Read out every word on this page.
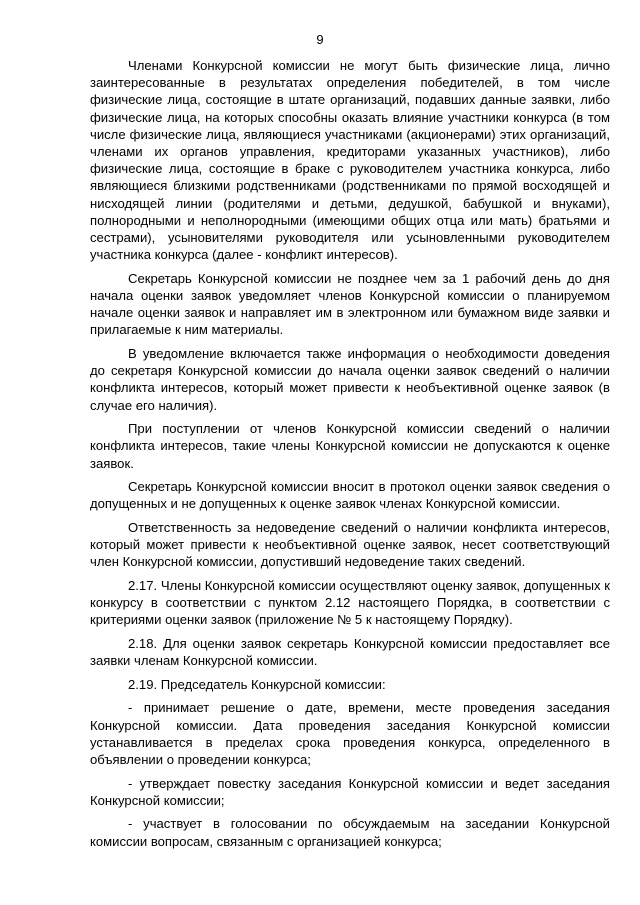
9

Членами Конкурсной комиссии не могут быть физические лица, лично заинтересованные в результатах определения победителей, в том числе физические лица, состоящие в штате организаций, подавших данные заявки, либо физические лица, на которых способны оказать влияние участники конкурса (в том числе физические лица, являющиеся участниками (акционерами) этих организаций, членами их органов управления, кредиторами указанных участников), либо физические лица, состоящие в браке с руководителем участника конкурса, либо являющиеся близкими родственниками (родственниками по прямой восходящей и нисходящей линии (родителями и детьми, дедушкой, бабушкой и внуками), полнородными и неполнородными (имеющими общих отца или мать) братьями и сестрами), усыновителями руководителя или усыновленными руководителем участника конкурса (далее - конфликт интересов).

Секретарь Конкурсной комиссии не позднее чем за 1 рабочий день до дня начала оценки заявок уведомляет членов Конкурсной комиссии о планируемом начале оценки заявок и направляет им в электронном или бумажном виде заявки и прилагаемые к ним материалы.

В уведомление включается также информация о необходимости доведения до секретаря Конкурсной комиссии до начала оценки заявок сведений о наличии конфликта интересов, который может привести к необъективной оценке заявок (в случае его наличия).

При поступлении от членов Конкурсной комиссии сведений о наличии конфликта интересов, такие члены Конкурсной комиссии не допускаются к оценке заявок.

Секретарь Конкурсной комиссии вносит в протокол оценки заявок сведения о допущенных и не допущенных к оценке заявок членах Конкурсной комиссии.

Ответственность за недоведение сведений о наличии конфликта интересов, который может привести к необъективной оценке заявок, несет соответствующий член Конкурсной комиссии, допустивший недоведение таких сведений.

2.17. Члены Конкурсной комиссии осуществляют оценку заявок, допущенных к конкурсу в соответствии с пунктом 2.12 настоящего Порядка, в соответствии с критериями оценки заявок (приложение № 5 к настоящему Порядку).

2.18. Для оценки заявок секретарь Конкурсной комиссии предоставляет все заявки членам Конкурсной комиссии.

2.19. Председатель Конкурсной комиссии:

- принимает решение о дате, времени, месте проведения заседания Конкурсной комиссии. Дата проведения заседания Конкурсной комиссии устанавливается в пределах срока проведения конкурса, определенного в объявлении о проведении конкурса;

- утверждает повестку заседания Конкурсной комиссии и ведет заседания Конкурсной комиссии;

- участвует в голосовании по обсуждаемым на заседании Конкурсной комиссии вопросам, связанным с организацией конкурса;
